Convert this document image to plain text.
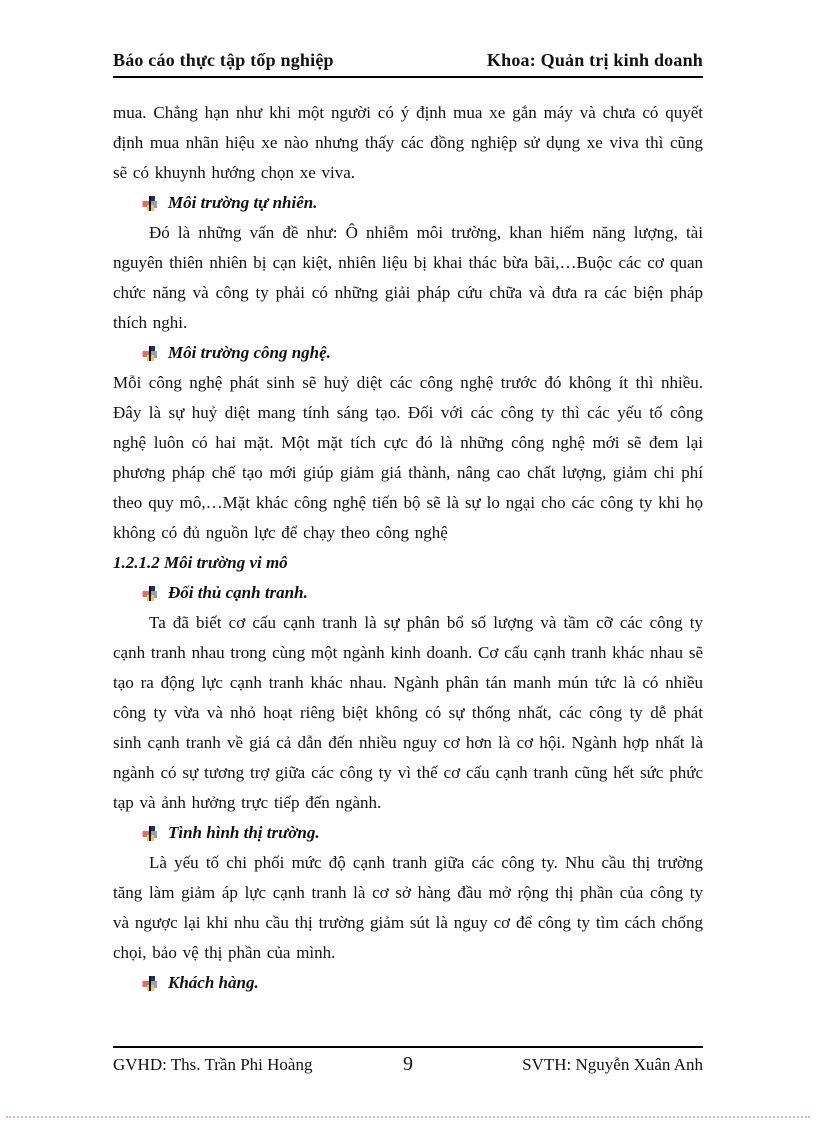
Báo cáo thực tập tốp nghiệp	Khoa: Quản trị kinh doanh

mua. Chẳng hạn như khi một người có ý định mua xe gắn máy và chưa có quyết định mua nhãn hiệu xe nào nhưng thấy các đồng nghiệp sử dụng xe viva thì cũng sẽ có khuynh hướng chọn xe viva.

Môi trường tự nhiên.

Đó là những vấn đề như: Ô nhiễm môi trường, khan hiếm năng lượng, tài nguyên thiên nhiên bị cạn kiệt, nhiên liệu bị khai thác bừa bãi,…Buộc các cơ quan chức năng và công ty phải có những giải pháp cứu chữa và đưa ra các biện pháp thích nghi.

Môi trường công nghệ.

Mỗi công nghệ phát sinh sẽ huỷ diệt các công nghệ trước đó không ít thì nhiều. Đây là sự huỷ diệt mang tính sáng tạo. Đối với các công ty thì các yếu tố công nghệ luôn có hai mặt. Một mặt tích cực đó là những công nghệ mới sẽ đem lại phương pháp chế tạo mới giúp giảm giá thành, nâng cao chất lượng, giảm chi phí theo quy mô,…Mặt khác công nghệ tiến bộ sẽ là sự lo ngại cho các công ty khi họ không có đủ nguồn lực để chạy theo công nghệ

1.2.1.2 Môi trường vi mô

Đối thủ cạnh tranh.

Ta đã biết cơ cấu cạnh tranh là sự phân bổ số lượng và tầm cỡ các công ty cạnh tranh nhau trong cùng một ngành kinh doanh. Cơ cấu cạnh tranh khác nhau sẽ tạo ra động lực cạnh tranh khác nhau. Ngành phân tán manh mún tức là có nhiều công ty vừa và nhỏ hoạt riêng biệt không có sự thống nhất, các công ty dễ phát sinh cạnh tranh về giá cả dẫn đến nhiều nguy cơ hơn là cơ hội. Ngành hợp nhất là ngành có sự tương trợ giữa các công ty vì thế cơ cấu cạnh tranh cũng hết sức phức tạp và ảnh hưởng trực tiếp đến ngành.

Tình hình thị trường.

Là yếu tố chi phối mức độ cạnh tranh giữa các công ty. Nhu cầu thị trường tăng làm giảm áp lực cạnh tranh là cơ sở hàng đầu mở rộng thị phần của công ty và ngược lại khi nhu cầu thị trường giảm sút là nguy cơ để công ty tìm cách chống chọi, bảo vệ thị phần của mình.

Khách hàng.
GVHD: Ths. Trần Phi Hoàng	9	SVTH: Nguyễn Xuân Anh
